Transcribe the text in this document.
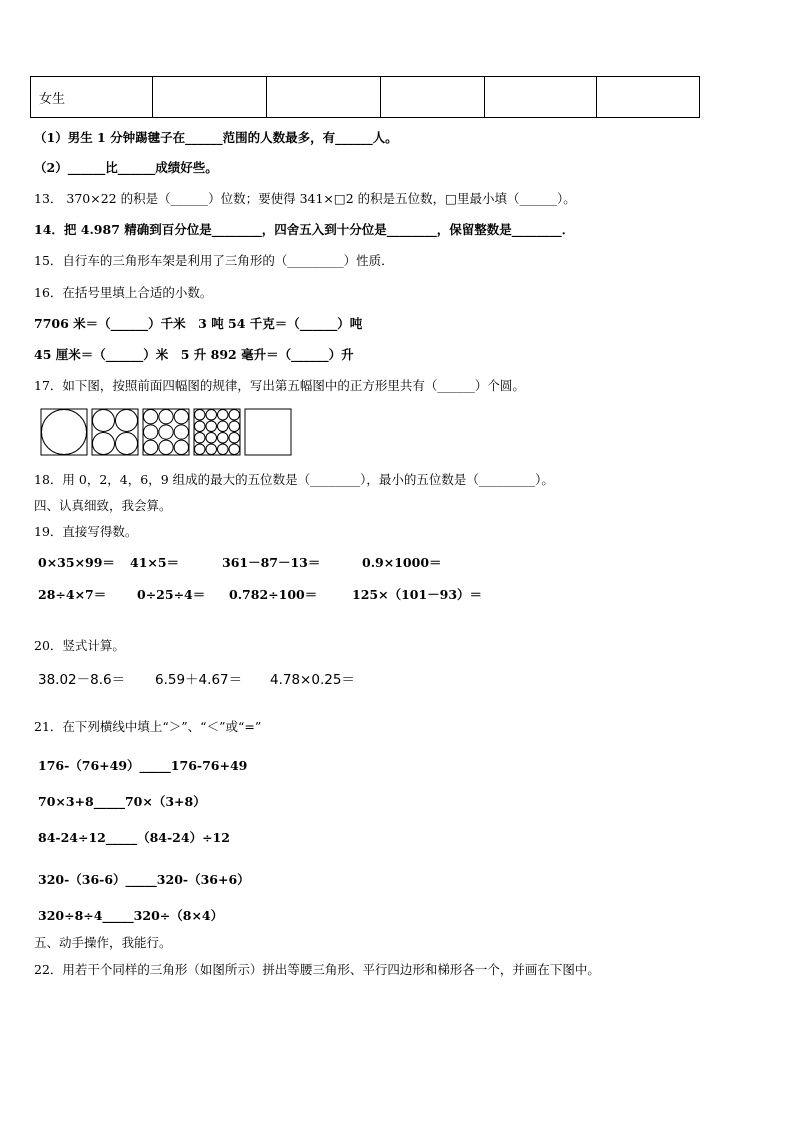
女生					
（1）男生 1 分钟踢毽子在______范围的人数最多，有______人。
（2）______比______成绩好些。
13． 370×22 的积是（______）位数；要使得 341×□2 的积是五位数，□里最小填（______）。
14．把 4.987 精确到百分位是________，四舍五入到十分位是________，保留整数是________．
15．自行车的三角形车架是利用了三角形的（_________）性质．
16．在括号里填上合适的小数。
7706 米＝（______）千米　3 吨 54 千克＝（______）吨
45 厘米＝（______）米　5 升 892 毫升＝（______）升
17．如下图，按照前面四幅图的规律，写出第五幅图中的正方形里共有（______）个圆。
18．用 0，2，4，6，9 组成的最大的五位数是（________），最小的五位数是（_________）。
四、认真细致，我会算。
19．直接写得数。
0×35×99＝ 41×5＝	361－87－13＝	0.9×1000＝
28÷4×7＝ 0÷25÷4＝ 0.782÷100＝	125×（101－93）＝
20．竖式计算。
38.02－8.6＝ 6.59＋4.67＝ 4.78×0.25＝
21．在下列横线中填上“＞”、“＜”或“=”
176-（76+49）_____176-76+49
70×3+8_____70×（3+8）
84-24÷12_____（84-24）÷12
320-（36-6）_____320-（36+6）
320÷8÷4_____320÷（8×4）
五、动手操作，我能行。
22．用若干个同样的三角形（如图所示）拼出等腰三角形、平行四边形和梯形各一个，并画在下图中。
